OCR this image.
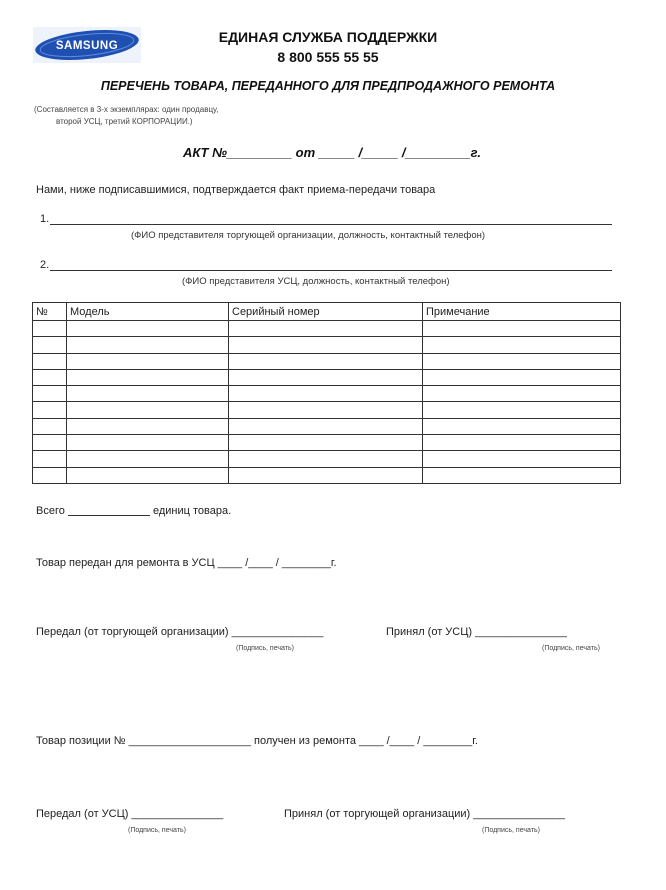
SAMSUNG
ЕДИНАЯ СЛУЖБА ПОДДЕРЖКИ
8 800 555 55 55
ПЕРЕЧЕНЬ ТОВАРА, ПЕРЕДАННОГО ДЛЯ ПРЕДПРОДАЖНОГО РЕМОНТА
(Составляется в 3-х экземплярах: один продавцу,
второй УСЦ, третий КОРПОРАЦИИ.)
АКТ №_________ от _____ /_____ /_________г.
Нами, ниже подписавшимися, подтверждается факт приема-передачи товара
1.
(ФИО представителя торгующей организации, должность, контактный телефон)
2.
(ФИО представителя УСЦ, должность, контактный телефон)
№	Модель	Серийный номер	Примечание

Всего	единиц товара.
Товар передан для ремонта в УСЦ ____ /____ / ________г.
Передал (от торгующей организации) _______________	Принял (от УСЦ) _______________
(Подпись, печать)	(Подпись, печать)
Товар позиции № ____________________ получен из ремонта ____ /____ / ________г.
Передал (от УСЦ) _______________	Принял (от торгующей организации) _______________
(Подпись, печать)	(Подпись, печать)
